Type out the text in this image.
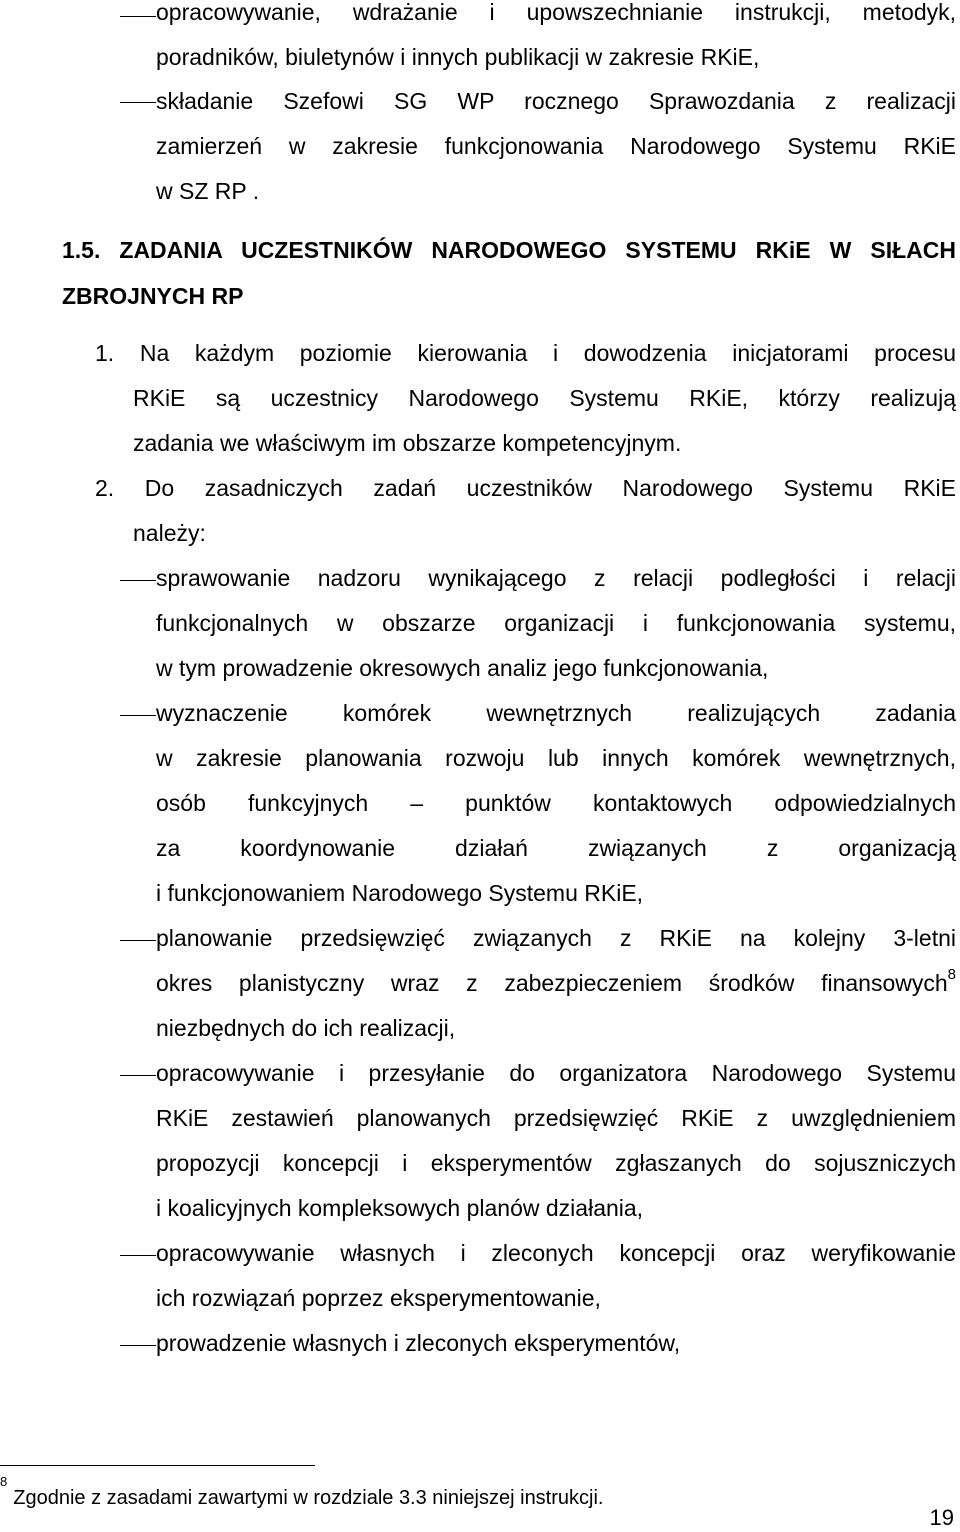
opracowywanie, wdrażanie i upowszechnianie instrukcji, metodyk,
poradników, biuletynów i innych publikacji w zakresie RKiE,
składanie Szefowi SG WP rocznego Sprawozdania z realizacji
zamierzeń w zakresie funkcjonowania Narodowego Systemu RKiE
w SZ RP .
1.5. ZADANIA UCZESTNIKÓW NARODOWEGO SYSTEMU RKiE W SIŁACH
ZBROJNYCH RP
1. Na każdym poziomie kierowania i dowodzenia inicjatorami procesu
RKiE są uczestnicy Narodowego Systemu RKiE, którzy realizują
zadania we właściwym im obszarze kompetencyjnym.
2. Do zasadniczych zadań uczestników Narodowego Systemu RKiE
należy:
sprawowanie nadzoru wynikającego z relacji podległości i relacji
funkcjonalnych w obszarze organizacji i funkcjonowania systemu,
w tym prowadzenie okresowych analiz jego funkcjonowania,
wyznaczenie komórek wewnętrznych realizujących zadania
w zakresie planowania rozwoju lub innych komórek wewnętrznych,
osób funkcyjnych – punktów kontaktowych odpowiedzialnych
za koordynowanie działań związanych z organizacją
i funkcjonowaniem Narodowego Systemu RKiE,
planowanie przedsięwzięć związanych z RKiE na kolejny 3-letni
okres planistyczny wraz z zabezpieczeniem środków finansowych$^8$
niezbędnych do ich realizacji,
opracowywanie i przesyłanie do organizatora Narodowego Systemu
RKiE zestawień planowanych przedsięwzięć RKiE z uwzględnieniem
propozycji koncepcji i eksperymentów zgłaszanych do sojuszniczych
i koalicyjnych kompleksowych planów działania,
opracowywanie własnych i zleconych koncepcji oraz weryfikowanie
ich rozwiązań poprzez eksperymentowanie,
prowadzenie własnych i zleconych eksperymentów,
$^8$Zgodnie z zasadami zawartymi w rozdziale 3.3 niniejszej instrukcji.
19
